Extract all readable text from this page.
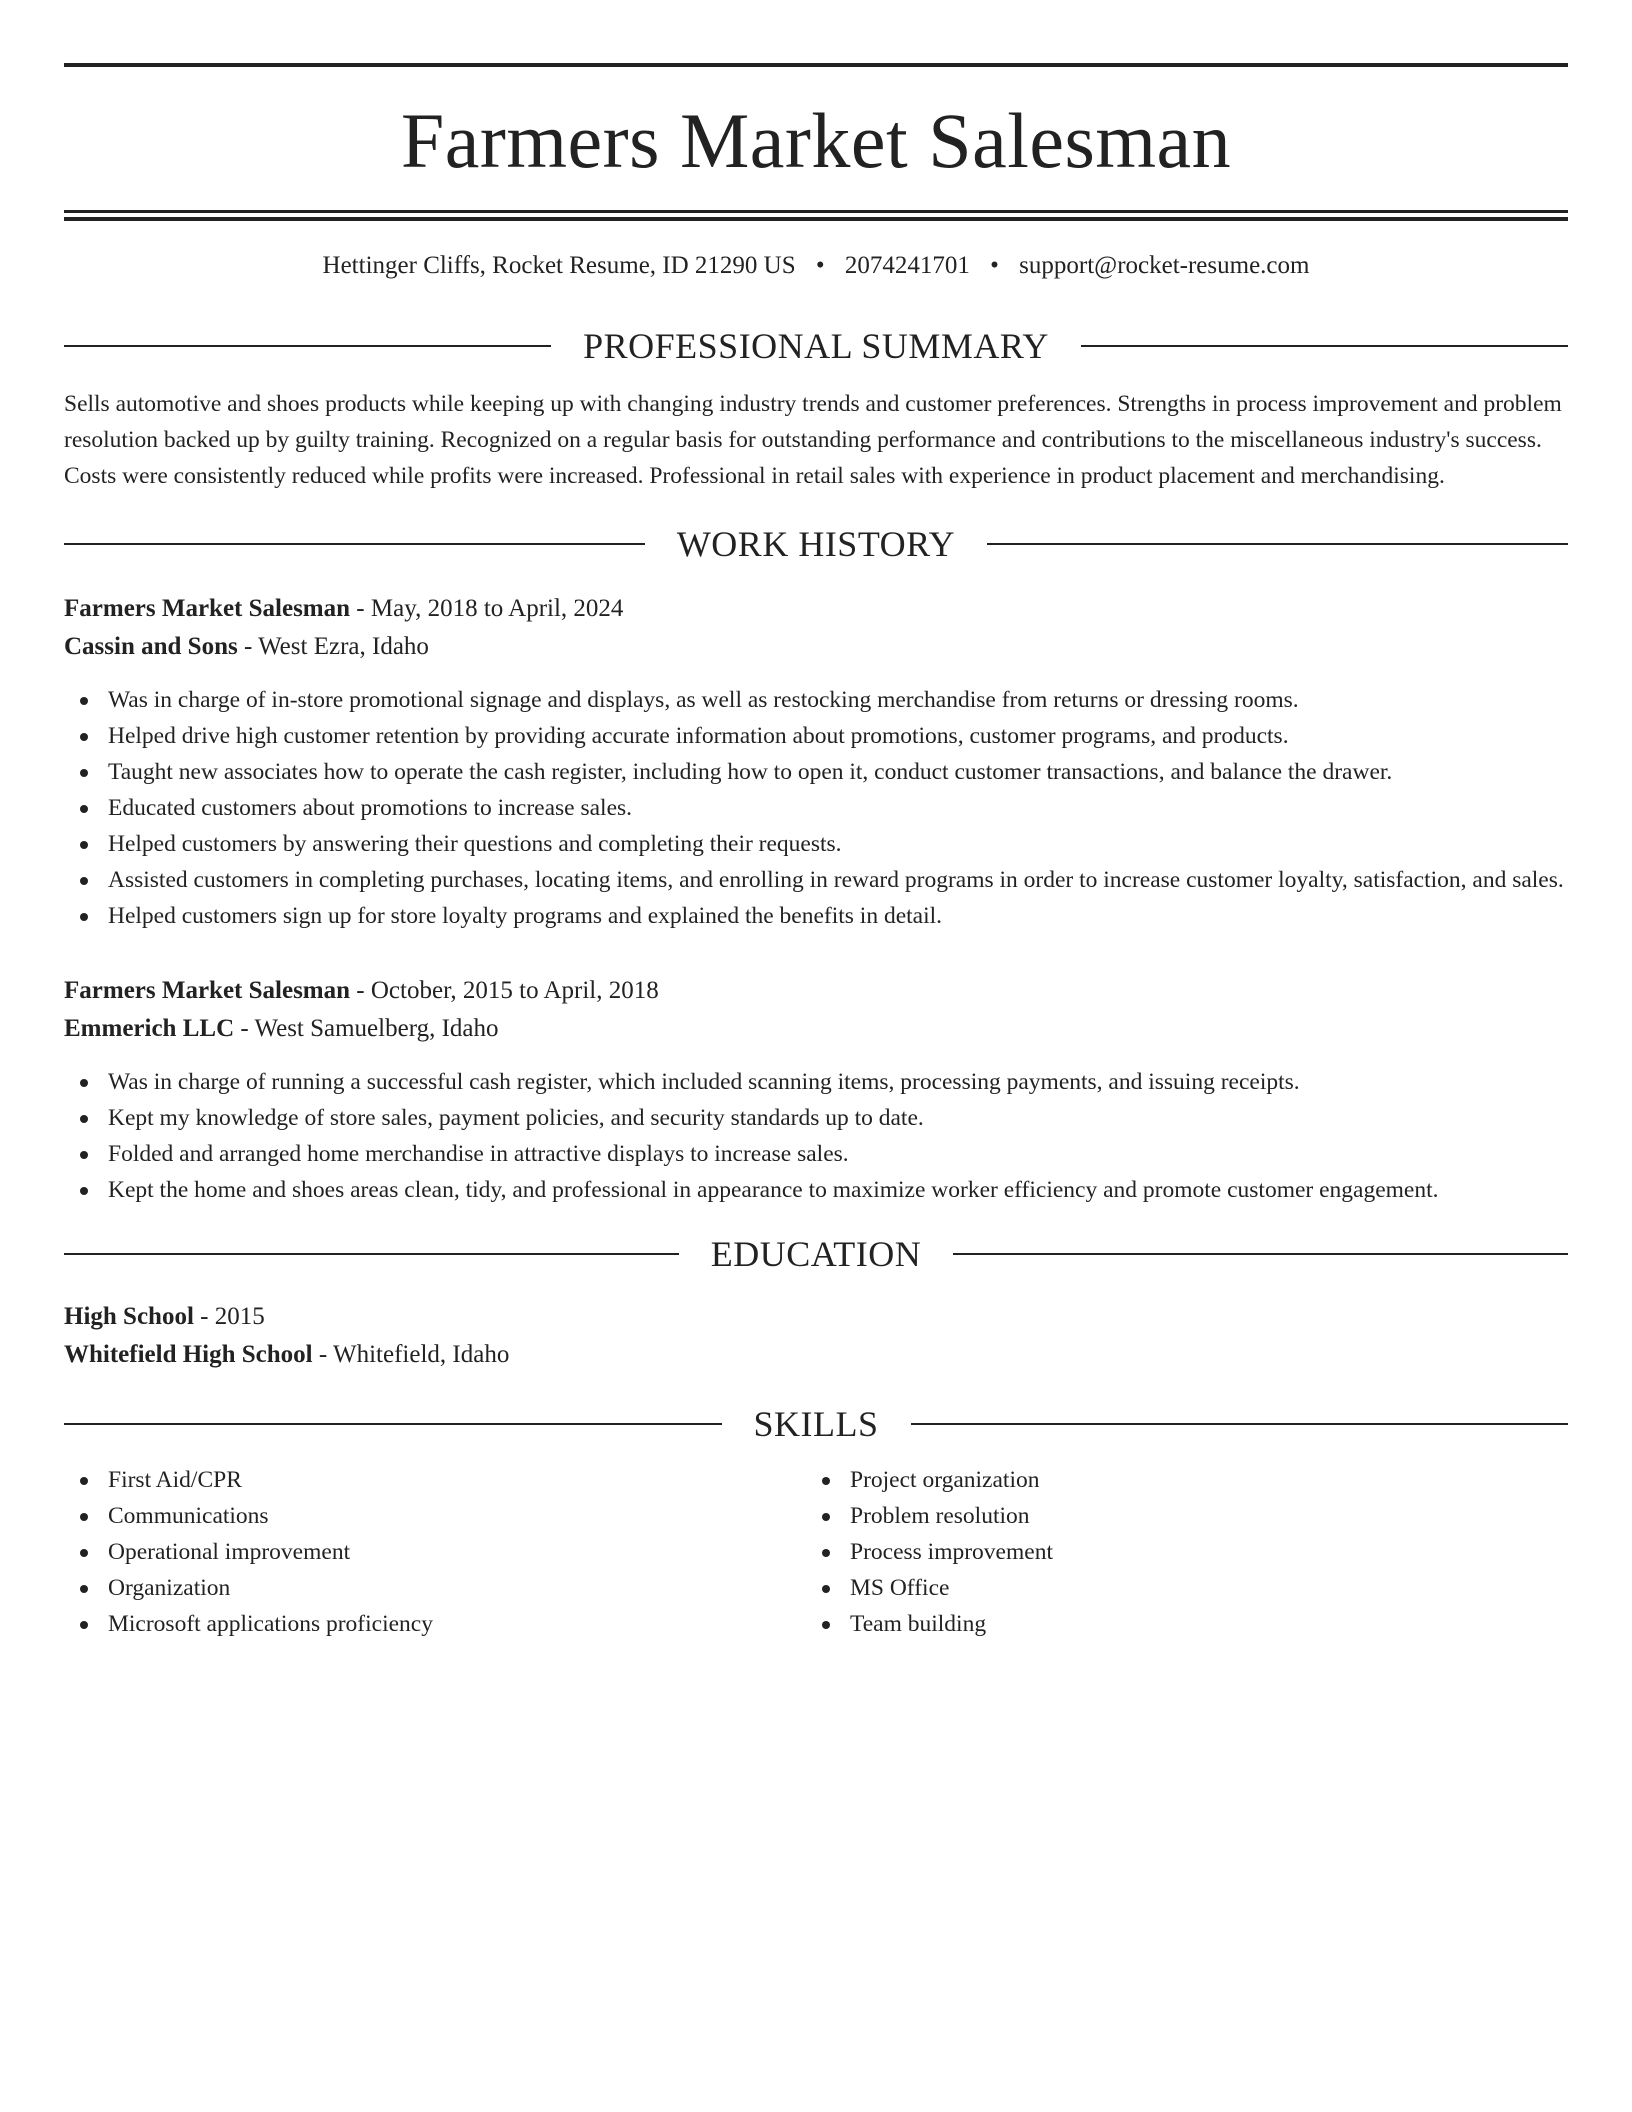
Farmers Market Salesman
Hettinger Cliffs, Rocket Resume, ID 21290 US • 2074241701 • support@rocket-resume.com
PROFESSIONAL SUMMARY
Sells automotive and shoes products while keeping up with changing industry trends and customer preferences. Strengths in process improvement and problem resolution backed up by guilty training. Recognized on a regular basis for outstanding performance and contributions to the miscellaneous industry's success. Costs were consistently reduced while profits were increased. Professional in retail sales with experience in product placement and merchandising.
WORK HISTORY
Farmers Market Salesman - May, 2018 to April, 2024
Cassin and Sons - West Ezra, Idaho
Was in charge of in-store promotional signage and displays, as well as restocking merchandise from returns or dressing rooms.
Helped drive high customer retention by providing accurate information about promotions, customer programs, and products.
Taught new associates how to operate the cash register, including how to open it, conduct customer transactions, and balance the drawer.
Educated customers about promotions to increase sales.
Helped customers by answering their questions and completing their requests.
Assisted customers in completing purchases, locating items, and enrolling in reward programs in order to increase customer loyalty, satisfaction, and sales.
Helped customers sign up for store loyalty programs and explained the benefits in detail.
Farmers Market Salesman - October, 2015 to April, 2018
Emmerich LLC - West Samuelberg, Idaho
Was in charge of running a successful cash register, which included scanning items, processing payments, and issuing receipts.
Kept my knowledge of store sales, payment policies, and security standards up to date.
Folded and arranged home merchandise in attractive displays to increase sales.
Kept the home and shoes areas clean, tidy, and professional in appearance to maximize worker efficiency and promote customer engagement.
EDUCATION
High School - 2015
Whitefield High School - Whitefield, Idaho
SKILLS
First Aid/CPR
Communications
Operational improvement
Organization
Microsoft applications proficiency
Project organization
Problem resolution
Process improvement
MS Office
Team building
